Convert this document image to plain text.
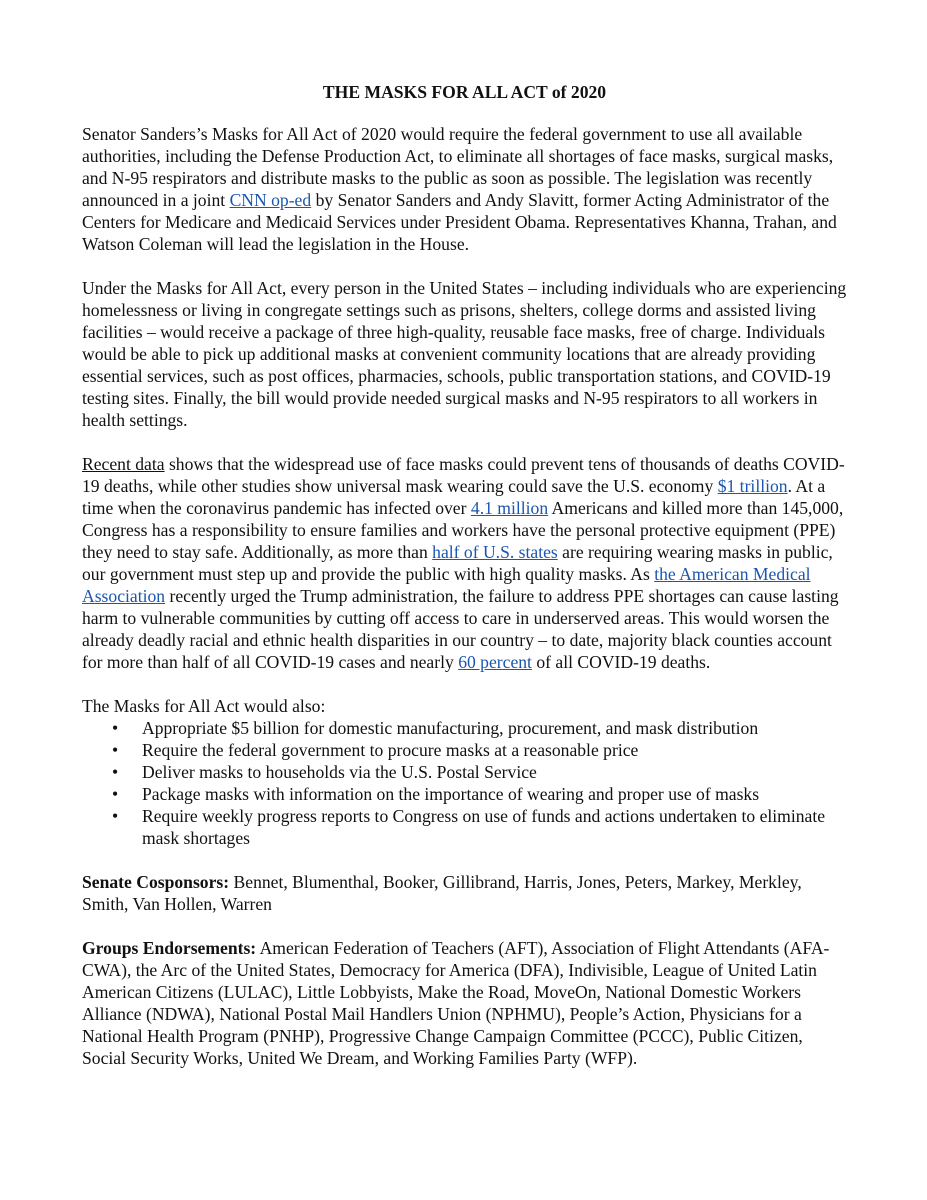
THE MASKS FOR ALL ACT of 2020

Senator Sanders’s Masks for All Act of 2020 would require the federal government to use all available authorities, including the Defense Production Act, to eliminate all shortages of face masks, surgical masks, and N-95 respirators and distribute masks to the public as soon as possible. The legislation was recently announced in a joint CNN op-ed by Senator Sanders and Andy Slavitt, former Acting Administrator of the Centers for Medicare and Medicaid Services under President Obama. Representatives Khanna, Trahan, and Watson Coleman will lead the legislation in the House.

Under the Masks for All Act, every person in the United States – including individuals who are experiencing homelessness or living in congregate settings such as prisons, shelters, college dorms and assisted living facilities – would receive a package of three high-quality, reusable face masks, free of charge. Individuals would be able to pick up additional masks at convenient community locations that are already providing essential services, such as post offices, pharmacies, schools, public transportation stations, and COVID-19 testing sites. Finally, the bill would provide needed surgical masks and N-95 respirators to all workers in health settings.

Recent data shows that the widespread use of face masks could prevent tens of thousands of deaths COVID-19 deaths, while other studies show universal mask wearing could save the U.S. economy $1 trillion. At a time when the coronavirus pandemic has infected over 4.1 million Americans and killed more than 145,000, Congress has a responsibility to ensure families and workers have the personal protective equipment (PPE) they need to stay safe. Additionally, as more than half of U.S. states are requiring wearing masks in public, our government must step up and provide the public with high quality masks. As the American Medical Association recently urged the Trump administration, the failure to address PPE shortages can cause lasting harm to vulnerable communities by cutting off access to care in underserved areas. This would worsen the already deadly racial and ethnic health disparities in our country – to date, majority black counties account for more than half of all COVID-19 cases and nearly 60 percent of all COVID-19 deaths.

The Masks for All Act would also:
• Appropriate $5 billion for domestic manufacturing, procurement, and mask distribution
• Require the federal government to procure masks at a reasonable price
• Deliver masks to households via the U.S. Postal Service
• Package masks with information on the importance of wearing and proper use of masks
• Require weekly progress reports to Congress on use of funds and actions undertaken to eliminate mask shortages

Senate Cosponsors: Bennet, Blumenthal, Booker, Gillibrand, Harris, Jones, Peters, Markey, Merkley, Smith, Van Hollen, Warren

Groups Endorsements: American Federation of Teachers (AFT), Association of Flight Attendants (AFA-CWA), the Arc of the United States, Democracy for America (DFA), Indivisible, League of United Latin American Citizens (LULAC), Little Lobbyists, Make the Road, MoveOn, National Domestic Workers Alliance (NDWA), National Postal Mail Handlers Union (NPHMU), People’s Action, Physicians for a National Health Program (PNHP), Progressive Change Campaign Committee (PCCC), Public Citizen, Social Security Works, United We Dream, and Working Families Party (WFP).
